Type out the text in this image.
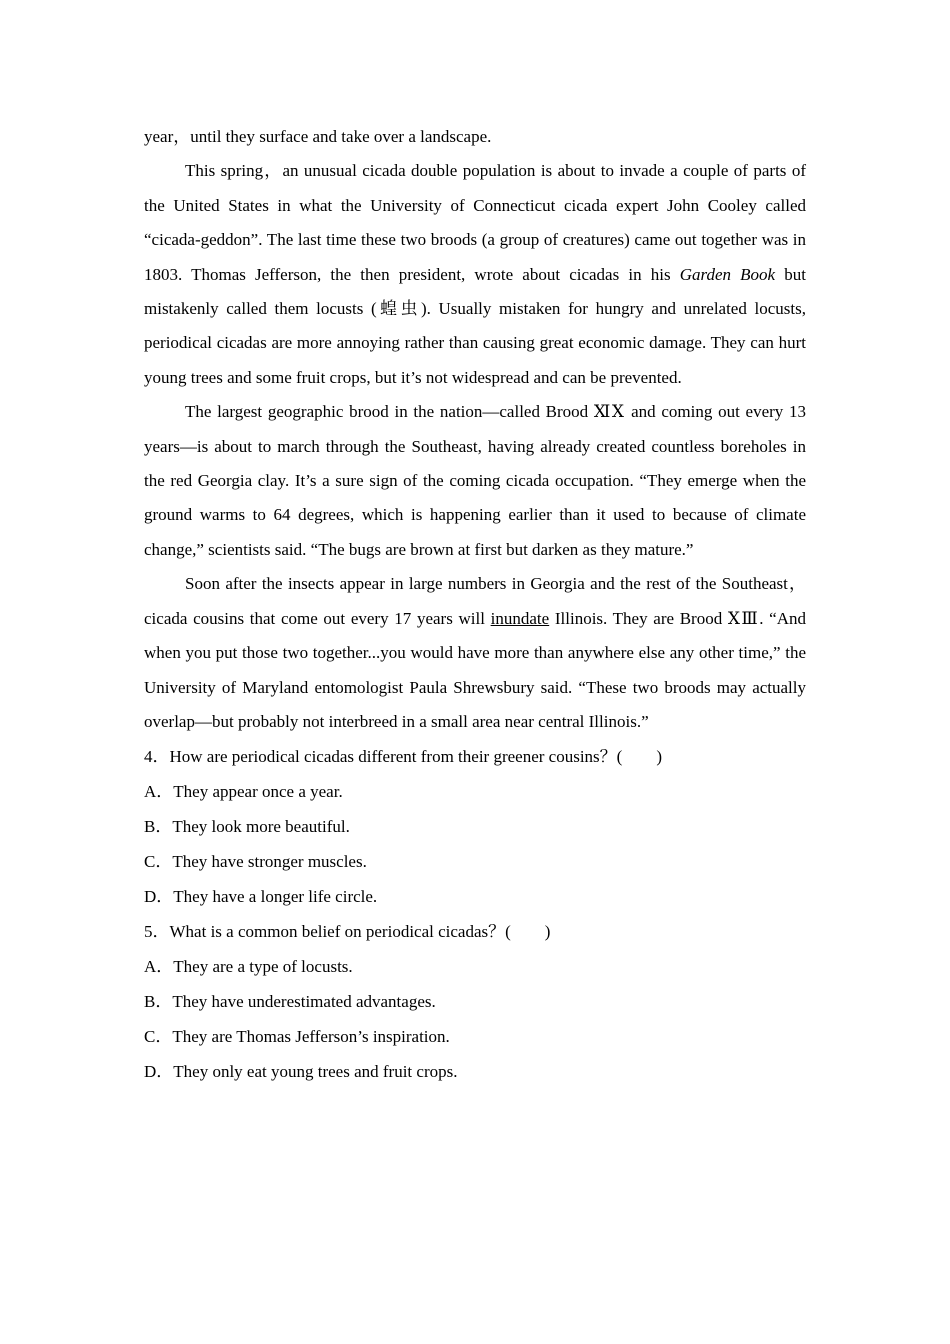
year，until they surface and take over a landscape.

This spring，an unusual cicada double population is about to invade a couple of parts of the United States in what the University of Connecticut cicada expert John Cooley called “cicada-geddon”. The last time these two broods (a group of creatures) came out together was in 1803. Thomas Jefferson, the then president, wrote about cicadas in his Garden Book but mistakenly called them locusts (蝗虫). Usually mistaken for hungry and unrelated locusts, periodical cicadas are more annoying rather than causing great economic damage. They can hurt young trees and some fruit crops, but it’s not widespread and can be prevented.

The largest geographic brood in the nation—called Brood ⅪⅩ and coming out every 13 years—is about to march through the Southeast, having already created countless boreholes in the red Georgia clay. It’s a sure sign of the coming cicada occupation. “They emerge when the ground warms to 64 degrees, which is happening earlier than it used to because of climate change,” scientists said. “The bugs are brown at first but darken as they mature.”

Soon after the insects appear in large numbers in Georgia and the rest of the Southeast，cicada cousins that come out every 17 years will inundate Illinois. They are Brood ⅩⅢ. “And when you put those two together...you would have more than anywhere else any other time,” the University of Maryland entomologist Paula Shrewsbury said. “These two broods may actually overlap—but probably not interbreed in a small area near central Illinois.”

4．How are periodical cicadas different from their greener cousins？(　　)

A．They appear once a year.

B．They look more beautiful.

C．They have stronger muscles.

D．They have a longer life circle.

5．What is a common belief on periodical cicadas？(　　)

A．They are a type of locusts.

B．They have underestimated advantages.

C．They are Thomas Jefferson’s inspiration.

D．They only eat young trees and fruit crops.
